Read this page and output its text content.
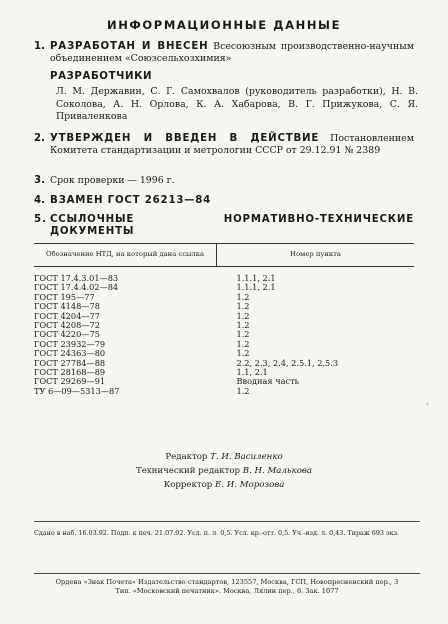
ИНФОРМАЦИОННЫЕ ДАННЫЕ
1. РАЗРАБОТАН И ВНЕСЕН Всесоюзным производственно-научным объединением «Союзсельхозхимия»
РАЗРАБОТЧИКИ
Л. М. Державин, С. Г. Самохвалов (руководитель разработки), Н. В. Соколова, А. Н. Орлова, К. А. Хабарова, В. Г. Прижукова, С. Я. Приваленкова
2. УТВЕРЖДЕН И ВВЕДЕН В ДЕЙСТВИЕ Постановлением Комитета стандартизации и метрологии СССР от 29.12.91 № 2389
3. Срок проверки — 1996 г.
4. ВЗАМЕН ГОСТ 26213—84
5. ССЫЛОЧНЫЕ НОРМАТИВНО-ТЕХНИЧЕСКИЕ ДОКУМЕНТЫ
Обозначение НТД, на который дана ссылка	Номер пункта
ГОСТ 17.4.3.01—83	1.1.1, 2.1
ГОСТ 17.4.4.02—84	1.1.1, 2.1
ГОСТ 195—77	1.2
ГОСТ 4148—78	1.2
ГОСТ 4204—77	1.2
ГОСТ 4208—72	1.2
ГОСТ 4220—75	1.2
ГОСТ 23932—79	1.2
ГОСТ 24363—80	1.2
ГОСТ 27784—88	2.2, 2.3, 2.4, 2.5.1, 2.5.3
ГОСТ 28168—89	1.1, 2.1
ГОСТ 29269—91	Вводная часть
ТУ 6—09—5313—87	1.2
‹
Редактор Т. И. Василенко
Технический редактор В. Н. Малькова
Корректор Е. И. Морозова
Сдано в наб. 16.03.92. Подп. к печ. 21.07.92. Усл. п. л. 0,5. Усл. кр.-отт. 0,5. Уч.-изд. л. 0,43. Тираж 693 экз.
Ордена «Знак Почета» Издательство стандартов, 123557, Москва, ГСП, Новопресненский пер., 3
Тип. «Московский печатник». Москва, Лялин пер., 6. Зак. 1077
